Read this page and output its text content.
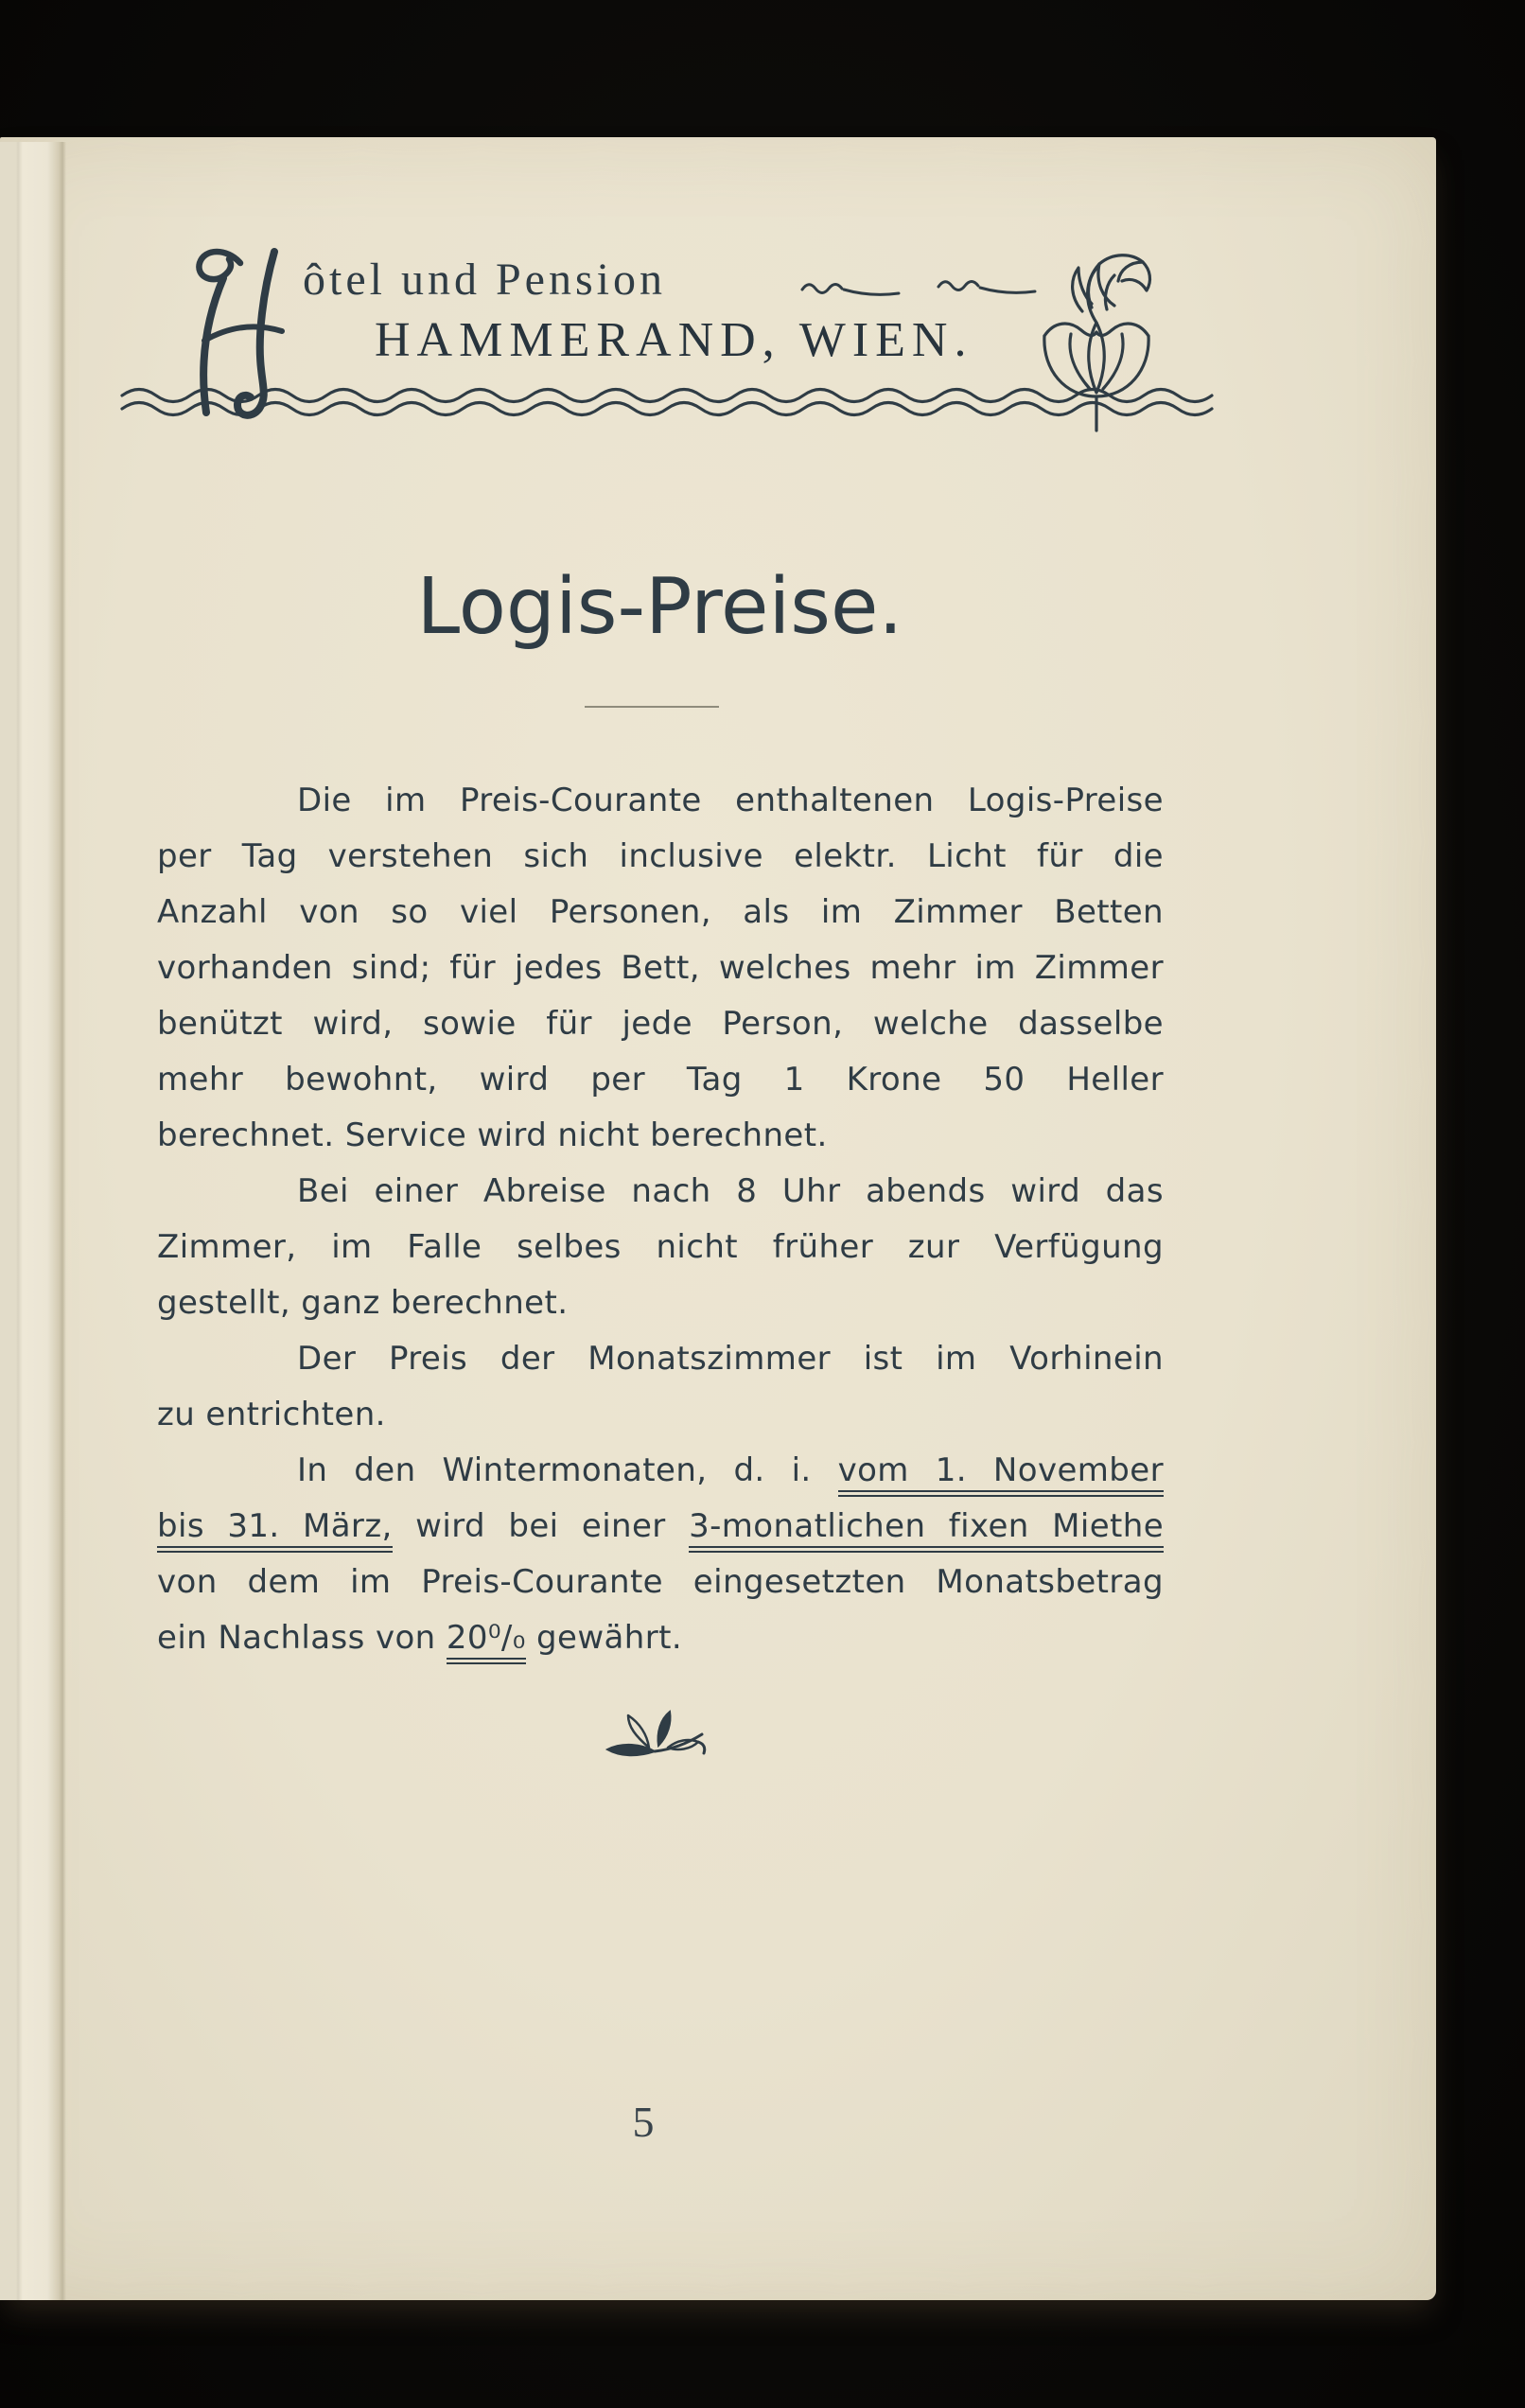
ôtel und Pension
HAMMERAND, WIEN.
Logis-Preise.
Die im Preis-Courante enthaltenen Logis-Preise
per Tag verstehen sich inclusive elektr. Licht für die
Anzahl von so viel Personen, als im Zimmer Betten
vorhanden sind; für jedes Bett, welches mehr im Zimmer
benützt wird, sowie für jede Person, welche dasselbe
mehr bewohnt, wird per Tag 1 Krone 50 Heller
berechnet. Service wird nicht berechnet.
Bei einer Abreise nach 8 Uhr abends wird das
Zimmer, im Falle selbes nicht früher zur Verfügung
gestellt, ganz berechnet.
Der Preis der Monatszimmer ist im Vorhinein
zu entrichten.
In den Wintermonaten, d. i. vom 1. November
bis 31. März, wird bei einer 3-monatlichen fixen Miethe
von dem im Preis-Courante eingesetzten Monatsbetrag
ein Nachlass von 20⁰/₀ gewährt.
5
